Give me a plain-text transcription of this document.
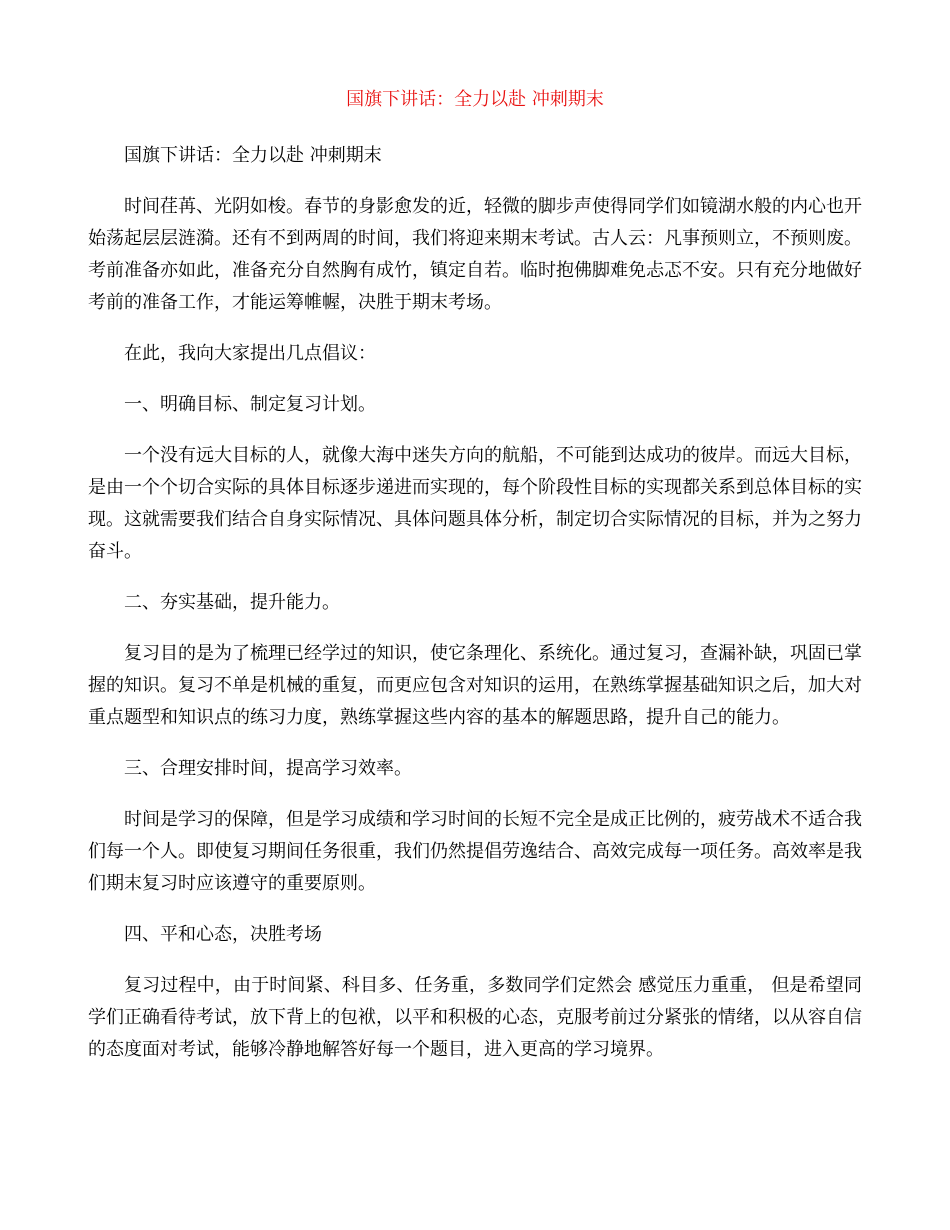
国旗下讲话：全力以赴 冲刺期末

国旗下讲话：全力以赴 冲刺期末

时间荏苒、光阴如梭。春节的身影愈发的近，轻微的脚步声使得同学们如镜湖水般的内心也开始荡起层层涟漪。还有不到两周的时间，我们将迎来期末考试。古人云：凡事预则立，不预则废。考前准备亦如此，准备充分自然胸有成竹，镇定自若。临时抱佛脚难免忐忑不安。只有充分地做好考前的准备工作，才能运筹帷幄，决胜于期末考场。

在此，我向大家提出几点倡议：

一、明确目标、制定复习计划。

一个没有远大目标的人，就像大海中迷失方向的航船，不可能到达成功的彼岸。而远大目标，是由一个个切合实际的具体目标逐步递进而实现的，每个阶段性目标的实现都关系到总体目标的实现。这就需要我们结合自身实际情况、具体问题具体分析，制定切合实际情况的目标，并为之努力奋斗。

二、夯实基础，提升能力。

复习目的是为了梳理已经学过的知识，使它条理化、系统化。通过复习，查漏补缺，巩固已掌握的知识。复习不单是机械的重复，而更应包含对知识的运用，在熟练掌握基础知识之后，加大对重点题型和知识点的练习力度，熟练掌握这些内容的基本的解题思路，提升自己的能力。

三、合理安排时间，提高学习效率。

时间是学习的保障，但是学习成绩和学习时间的长短不完全是成正比例的，疲劳战术不适合我们每一个人。即使复习期间任务很重，我们仍然提倡劳逸结合、高效完成每一项任务。高效率是我们期末复习时应该遵守的重要原则。

四、平和心态，决胜考场

复习过程中，由于时间紧、科目多、任务重，多数同学们定然会 感觉压力重重， 但是希望同学们正确看待考试，放下背上的包袱，以平和积极的心态，克服考前过分紧张的情绪，以从容自信的态度面对考试，能够冷静地解答好每一个题目，进入更高的学习境界。
